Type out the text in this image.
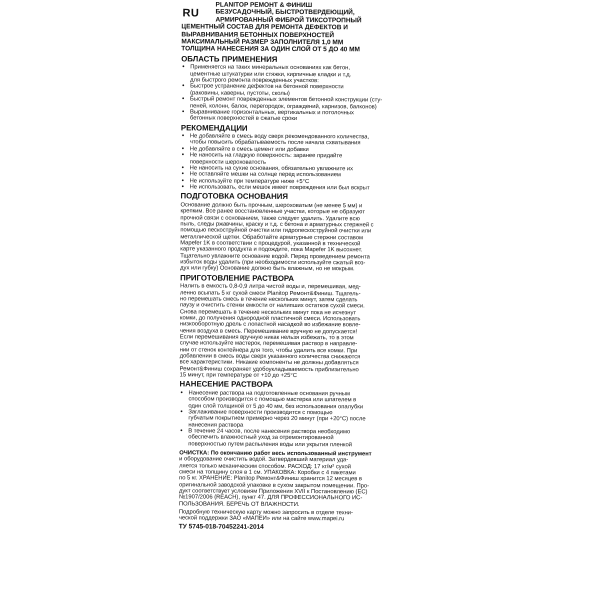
RU
PLANITOP РЕМОНТ & ФИНИШ
БЕЗУСАДОЧНЫЙ, БЫСТРОТВЕРДЕЮЩИЙ,
АРМИРОВАННЫЙ ФИБРОЙ ТИКСОТРОПНЫЙ
ЦЕМЕНТНЫЙ СОСТАВ ДЛЯ РЕМОНТА ДЕФЕКТОВ И
ВЫРАВНИВАНИЯ БЕТОННЫХ ПОВЕРХНОСТЕЙ
МАКСИМАЛЬНЫЙ РАЗМЕР ЗАПОЛНИТЕЛЯ 1,0 ММ
ТОЛЩИНА НАНЕСЕНИЯ ЗА ОДИН СЛОЙ ОТ 5 ДО 40 ММ
ОБЛАСТЬ ПРИМЕНЕНИЯ
• Применяется на таких минеральных основаниях как бетон,
цементные штукатурки или стяжки, кирпичные кладки и т.д.
для быстрого ремонта поврежденных участков:
• Быстрое устранение дефектов на бетонной поверхности
(раковины, каверны, пустоты, сколы)
• Быстрый ремонт поврежденных элементов бетонной конструкции (сту-
пеней, колонн, балок, перегородок, ограждений, карнизов, балконов)
• Выравнивание горизонтальных, вертикальных и потолочных
бетонных поверхностей в сжатые сроки
РЕКОМЕНДАЦИИ
• Не добавляйте в смесь воду сверх рекомендованного количества,
чтобы повысить обрабатываемость после начала схватывания
• Не добавляйте в смесь цемент или добавки
• Не наносить на гладкую поверхность: заранее придайте
поверхности шероховатость
• Не наносить на сухие основания, обязательно увлажните их
• Не оставляйте мешки на солнце перед использованием
• Не используйте при температуре ниже +5°C
• Не использовать, если мешок имеет повреждения или был вскрыт
ПОДГОТОВКА ОСНОВАНИЯ
Основание должно быть прочным, шероховатым (не менее 5 мм) и
крепким. Все ранее восстановленные участки, которые не образуют
прочной связи с основанием, также следует удалить. Удалите всю
пыль, следы ржавчины, краску и т.д. с бетона и арматурных стержней с
помощью пескоструйной очистки или гидропескоструйной очистки или
металлической щетки. Обработайте арматурные стержни составом
Mapefer 1K в соответствии с процедурой, указанной в технической
карте указанного продукта и подождите, пока Mapefer 1K высохнет.
Тщательно увлажните основание водой. Перед проведением ремонта
избыток воды удалить (при необходимости используйте сжатый воз-
дух или губку) Основание должно быть влажным, но не мокрым.
ПРИГОТОВЛЕНИЕ РАСТВОРА
Налить в емкость 0,8-0,9 литра чистой воды и, перемешивая, мед-
ленно всыпать 5 кг сухой смеси Planitop Ремонт&Финиш. Тщатель-
но перемешать смесь в течение нескольких минут, затем сделать
паузу и очистить стенки емкости от налипших остатков сухой смеси.
Снова перемешать в течение нескольких минут пока не исчезнут
комки, до получения однородной пластичной смеси. Использовать
низкооборотную дрель с лопастной насадкой во избежание вовле-
чения воздуха в смесь. Перемешивание вручную не допускается!
Если перемешивания вручную никак нельзя избежать, то в этом
случае используйте мастерок, перемешивая раствор в направле-
нии от стенок контейнера для того, чтобы удалить все комки. При
добавлении в смесь воды сверх указанного количества снижаются
все характеристики. Никакие компоненты не должны добавляться
Ремонт&Финиш сохраняет удобоукладываемость приблизительно
15 минут, при температуре от +10 до +25°C
НАНЕСЕНИЕ РАСТВОРА
• Нанесение раствора на подготовленные основания ручным
способом производится с помощью мастерка или шпателем в
один слой толщиной от 5 до 40 мм, без использования опалубки
• Заглаживание поверхности производится с помощью
губчатым покрытием примерно через 20 минут (при +20°C) после
нанесения раствора
• В течение 24 часов, после нанесения раствора необходимо
обеспечить влажностный уход за отремонтированной
поверхностью путем распыления воды или укрытия пленкой
ОЧИСТКА: По окончанию работ весь использованный инструмент
и оборудование очистить водой. Затвердевший материал уда-
ляется только механическим способом. РАСХОД: 17 кг/м² сухой
смеси на толщину слоя в 1 см. УПАКОВКА: Коробки с 4 пакетами
по 5 кг. ХРАНЕНИЕ: Planitop Ремонт&Финиш хранится 12 месяцев в
оригинальной заводской упаковке в сухом закрытом помещении. Про-
дукт соответствует условиям Приложения XVII к Постановлению (ЕС)
№1907/2006 (REACH), пункт 47. ДЛЯ ПРОФЕССИОНАЛЬНОГО ИС-
ПОЛЬЗОВАНИЯ. БЕРЕЧЬ ОТ ВЛАЖНОСТИ.
Подробную техническую карту можно запросить в отделе техни-
ческой поддержки ЗАО «МАПЕИ» или на сайте www.mapei.ru
ТУ 5745-018-70452241-2014
